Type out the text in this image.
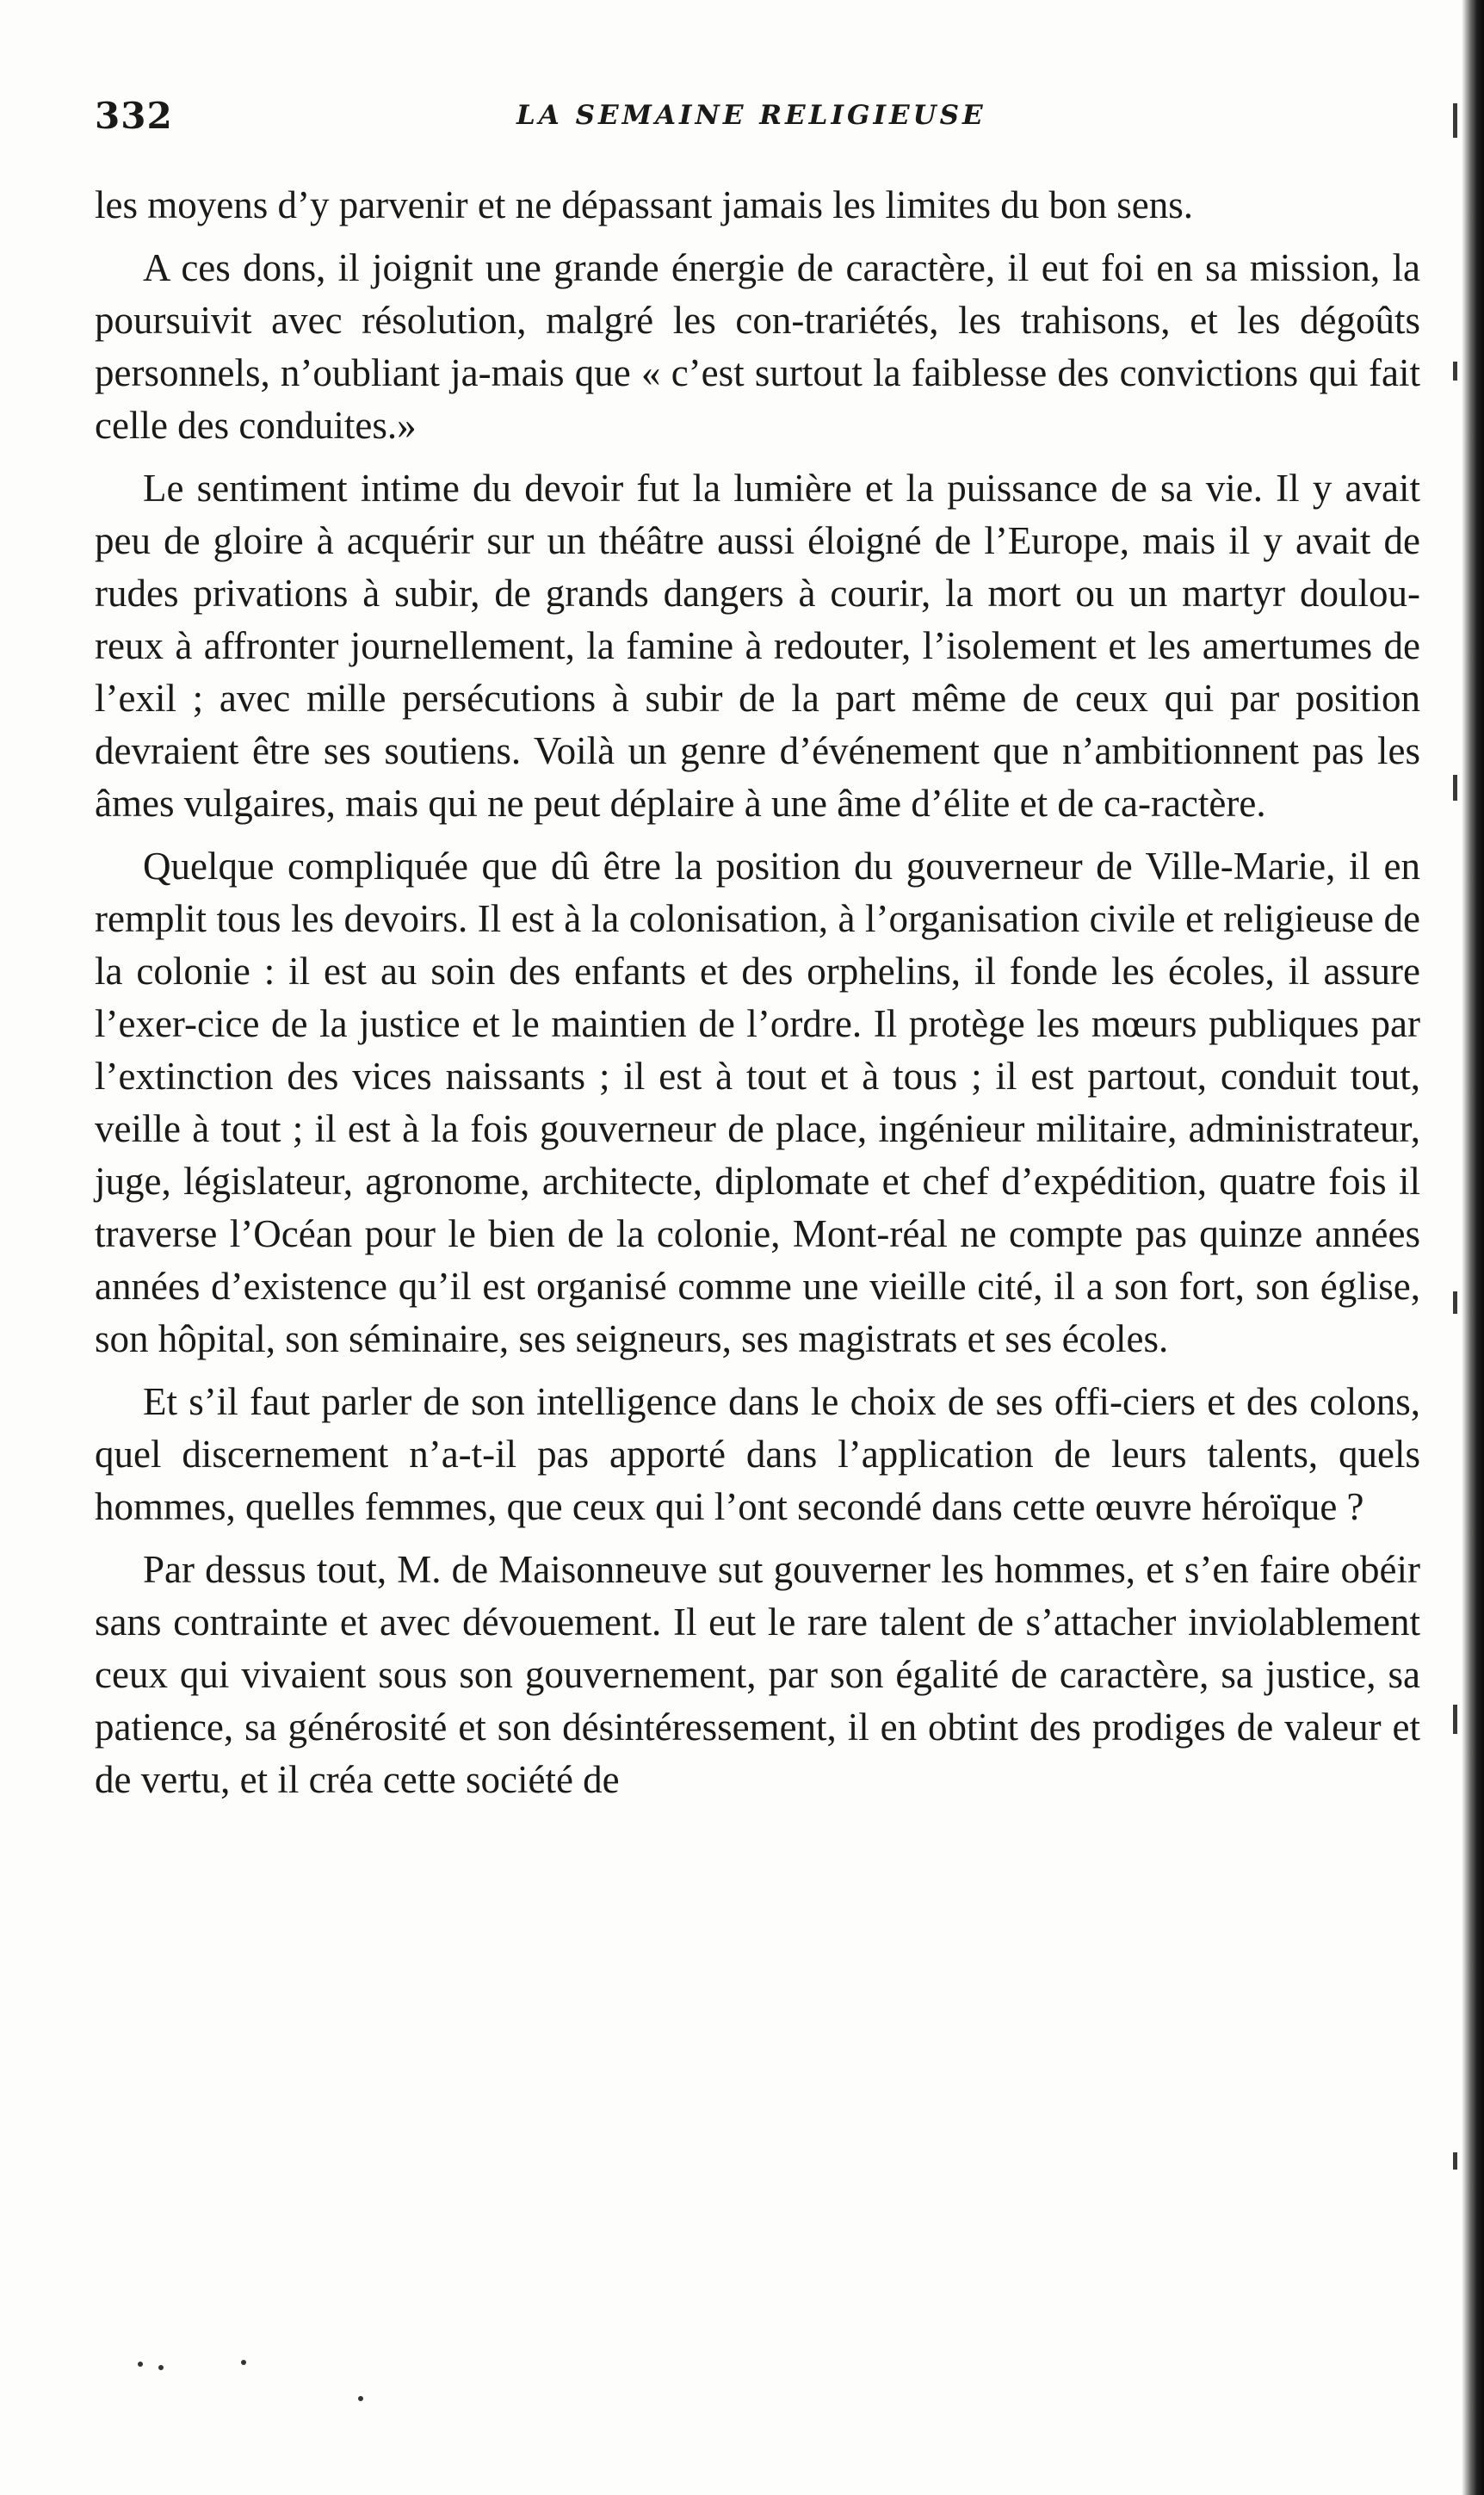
332	LA SEMAINE RELIGIEUSE

les moyens d’y parvenir et ne dépassant jamais les limites du bon sens.

A ces dons, il joignit une grande énergie de caractère, il eut foi en sa mission, la poursuivit avec résolution, malgré les con-trariétés, les trahisons, et les dégoûts personnels, n’oubliant ja-mais que « c’est surtout la faiblesse des convictions qui fait celle des conduites.»

Le sentiment intime du devoir fut la lumière et la puissance de sa vie. Il y avait peu de gloire à acquérir sur un théâtre aussi éloigné de l’Europe, mais il y avait de rudes privations à subir, de grands dangers à courir, la mort ou un martyr doulou-reux à affronter journellement, la famine à redouter, l’isolement et les amertumes de l’exil ; avec mille persécutions à subir de la part même de ceux qui par position devraient être ses soutiens. Voilà un genre d’événement que n’ambitionnent pas les âmes vulgaires, mais qui ne peut déplaire à une âme d’élite et de ca-ractère.

Quelque compliquée que dû être la position du gouverneur de Ville-Marie, il en remplit tous les devoirs. Il est à la colonisation, à l’organisation civile et religieuse de la colonie : il est au soin des enfants et des orphelins, il fonde les écoles, il assure l’exer-cice de la justice et le maintien de l’ordre. Il protège les mœurs publiques par l’extinction des vices naissants ; il est à tout et à tous ; il est partout, conduit tout, veille à tout ; il est à la fois gouverneur de place, ingénieur militaire, administrateur, juge, législateur, agronome, architecte, diplomate et chef d’expédition, quatre fois il traverse l’Océan pour le bien de la colonie, Mont-réal ne compte pas quinze années années d’existence qu’il est organisé comme une vieille cité, il a son fort, son église, son hôpital, son séminaire, ses seigneurs, ses magistrats et ses écoles.

Et s’il faut parler de son intelligence dans le choix de ses offi-ciers et des colons, quel discernement n’a-t-il pas apporté dans l’application de leurs talents, quels hommes, quelles femmes, que ceux qui l’ont secondé dans cette œuvre héroïque ?

Par dessus tout, M. de Maisonneuve sut gouverner les hommes, et s’en faire obéir sans contrainte et avec dévouement. Il eut le rare talent de s’attacher inviolablement ceux qui vivaient sous son gouvernement, par son égalité de caractère, sa justice, sa patience, sa générosité et son désintéressement, il en obtint des prodiges de valeur et de vertu, et il créa cette société de
